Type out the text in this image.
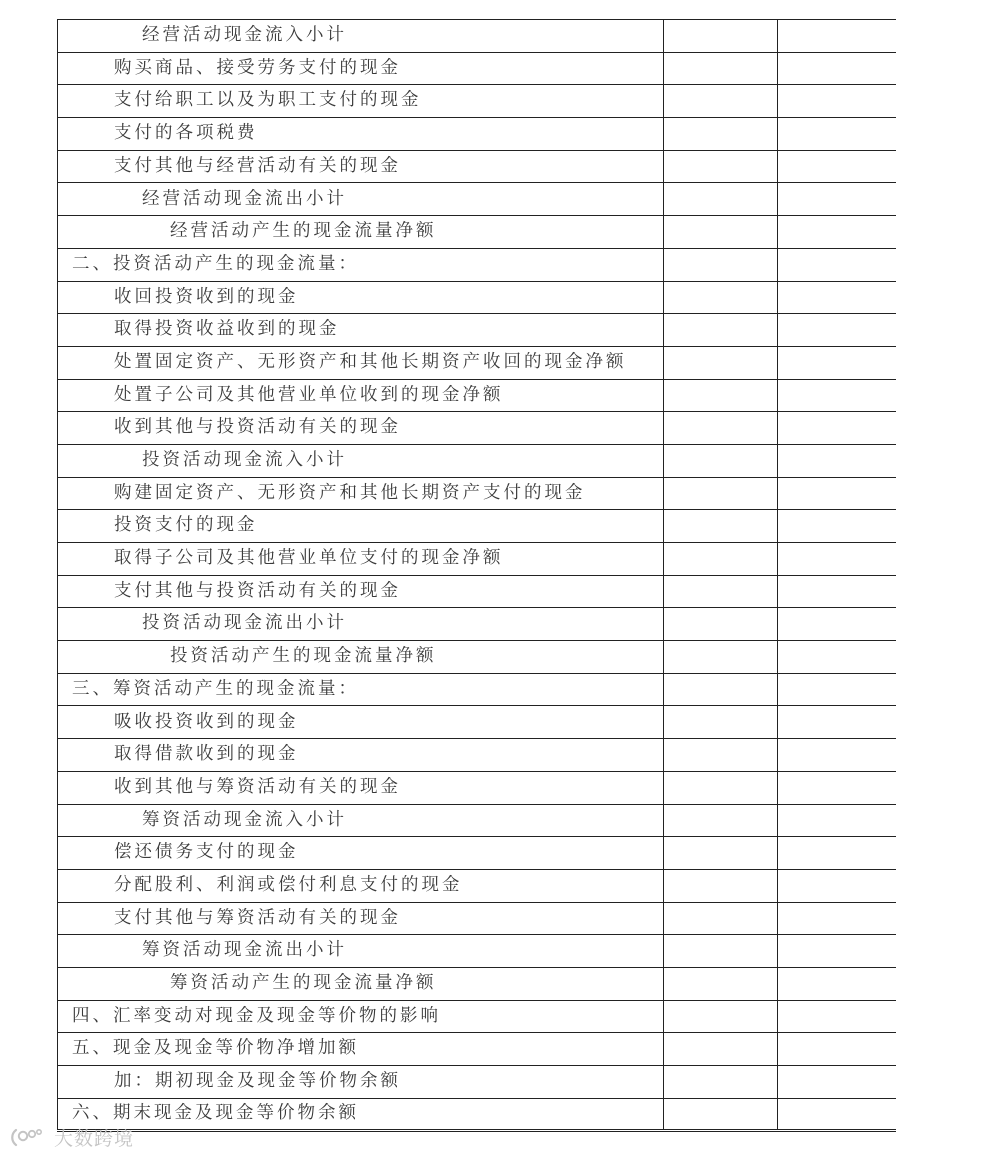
经营活动现金流入小计		
购买商品、接受劳务支付的现金		
支付给职工以及为职工支付的现金		
支付的各项税费		
支付其他与经营活动有关的现金		
经营活动现金流出小计		
经营活动产生的现金流量净额		
二、投资活动产生的现金流量：		
收回投资收到的现金		
取得投资收益收到的现金		
处置固定资产、无形资产和其他长期资产收回的现金净额		
处置子公司及其他营业单位收到的现金净额		
收到其他与投资活动有关的现金		
投资活动现金流入小计		
购建固定资产、无形资产和其他长期资产支付的现金		
投资支付的现金		
取得子公司及其他营业单位支付的现金净额		
支付其他与投资活动有关的现金		
投资活动现金流出小计		
投资活动产生的现金流量净额		
三、筹资活动产生的现金流量：		
吸收投资收到的现金		
取得借款收到的现金		
收到其他与筹资活动有关的现金		
筹资活动现金流入小计		
偿还债务支付的现金		
分配股利、利润或偿付利息支付的现金		
支付其他与筹资活动有关的现金		
筹资活动现金流出小计		
筹资活动产生的现金流量净额		
四、汇率变动对现金及现金等价物的影响		
五、现金及现金等价物净增加额		
加：期初现金及现金等价物余额		
六、期末现金及现金等价物余额		
大数跨境
